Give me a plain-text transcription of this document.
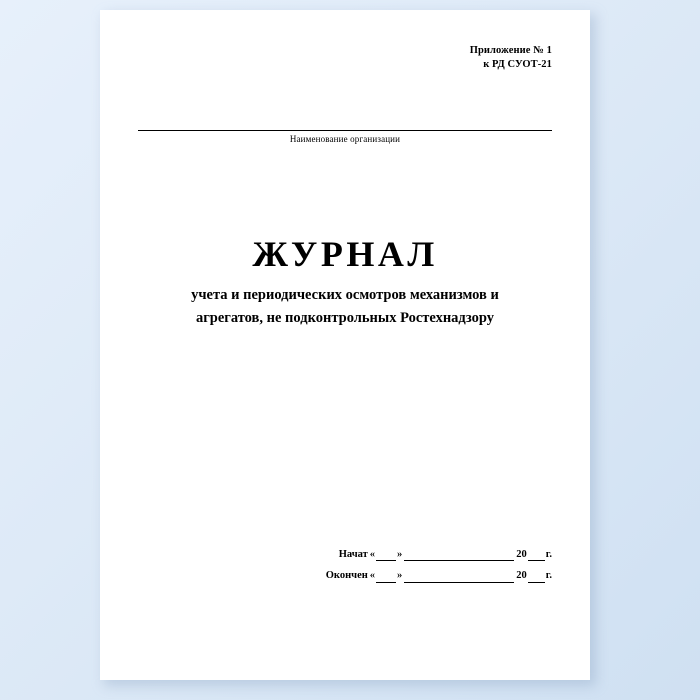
Приложение № 1
к РД СУОТ-21
Наименование организации
ЖУРНАЛ
учета и периодических осмотров механизмов и
агрегатов, не подконтрольных Ростехнадзору
Начат « »	20 г.
Окончен « »	20 г.
